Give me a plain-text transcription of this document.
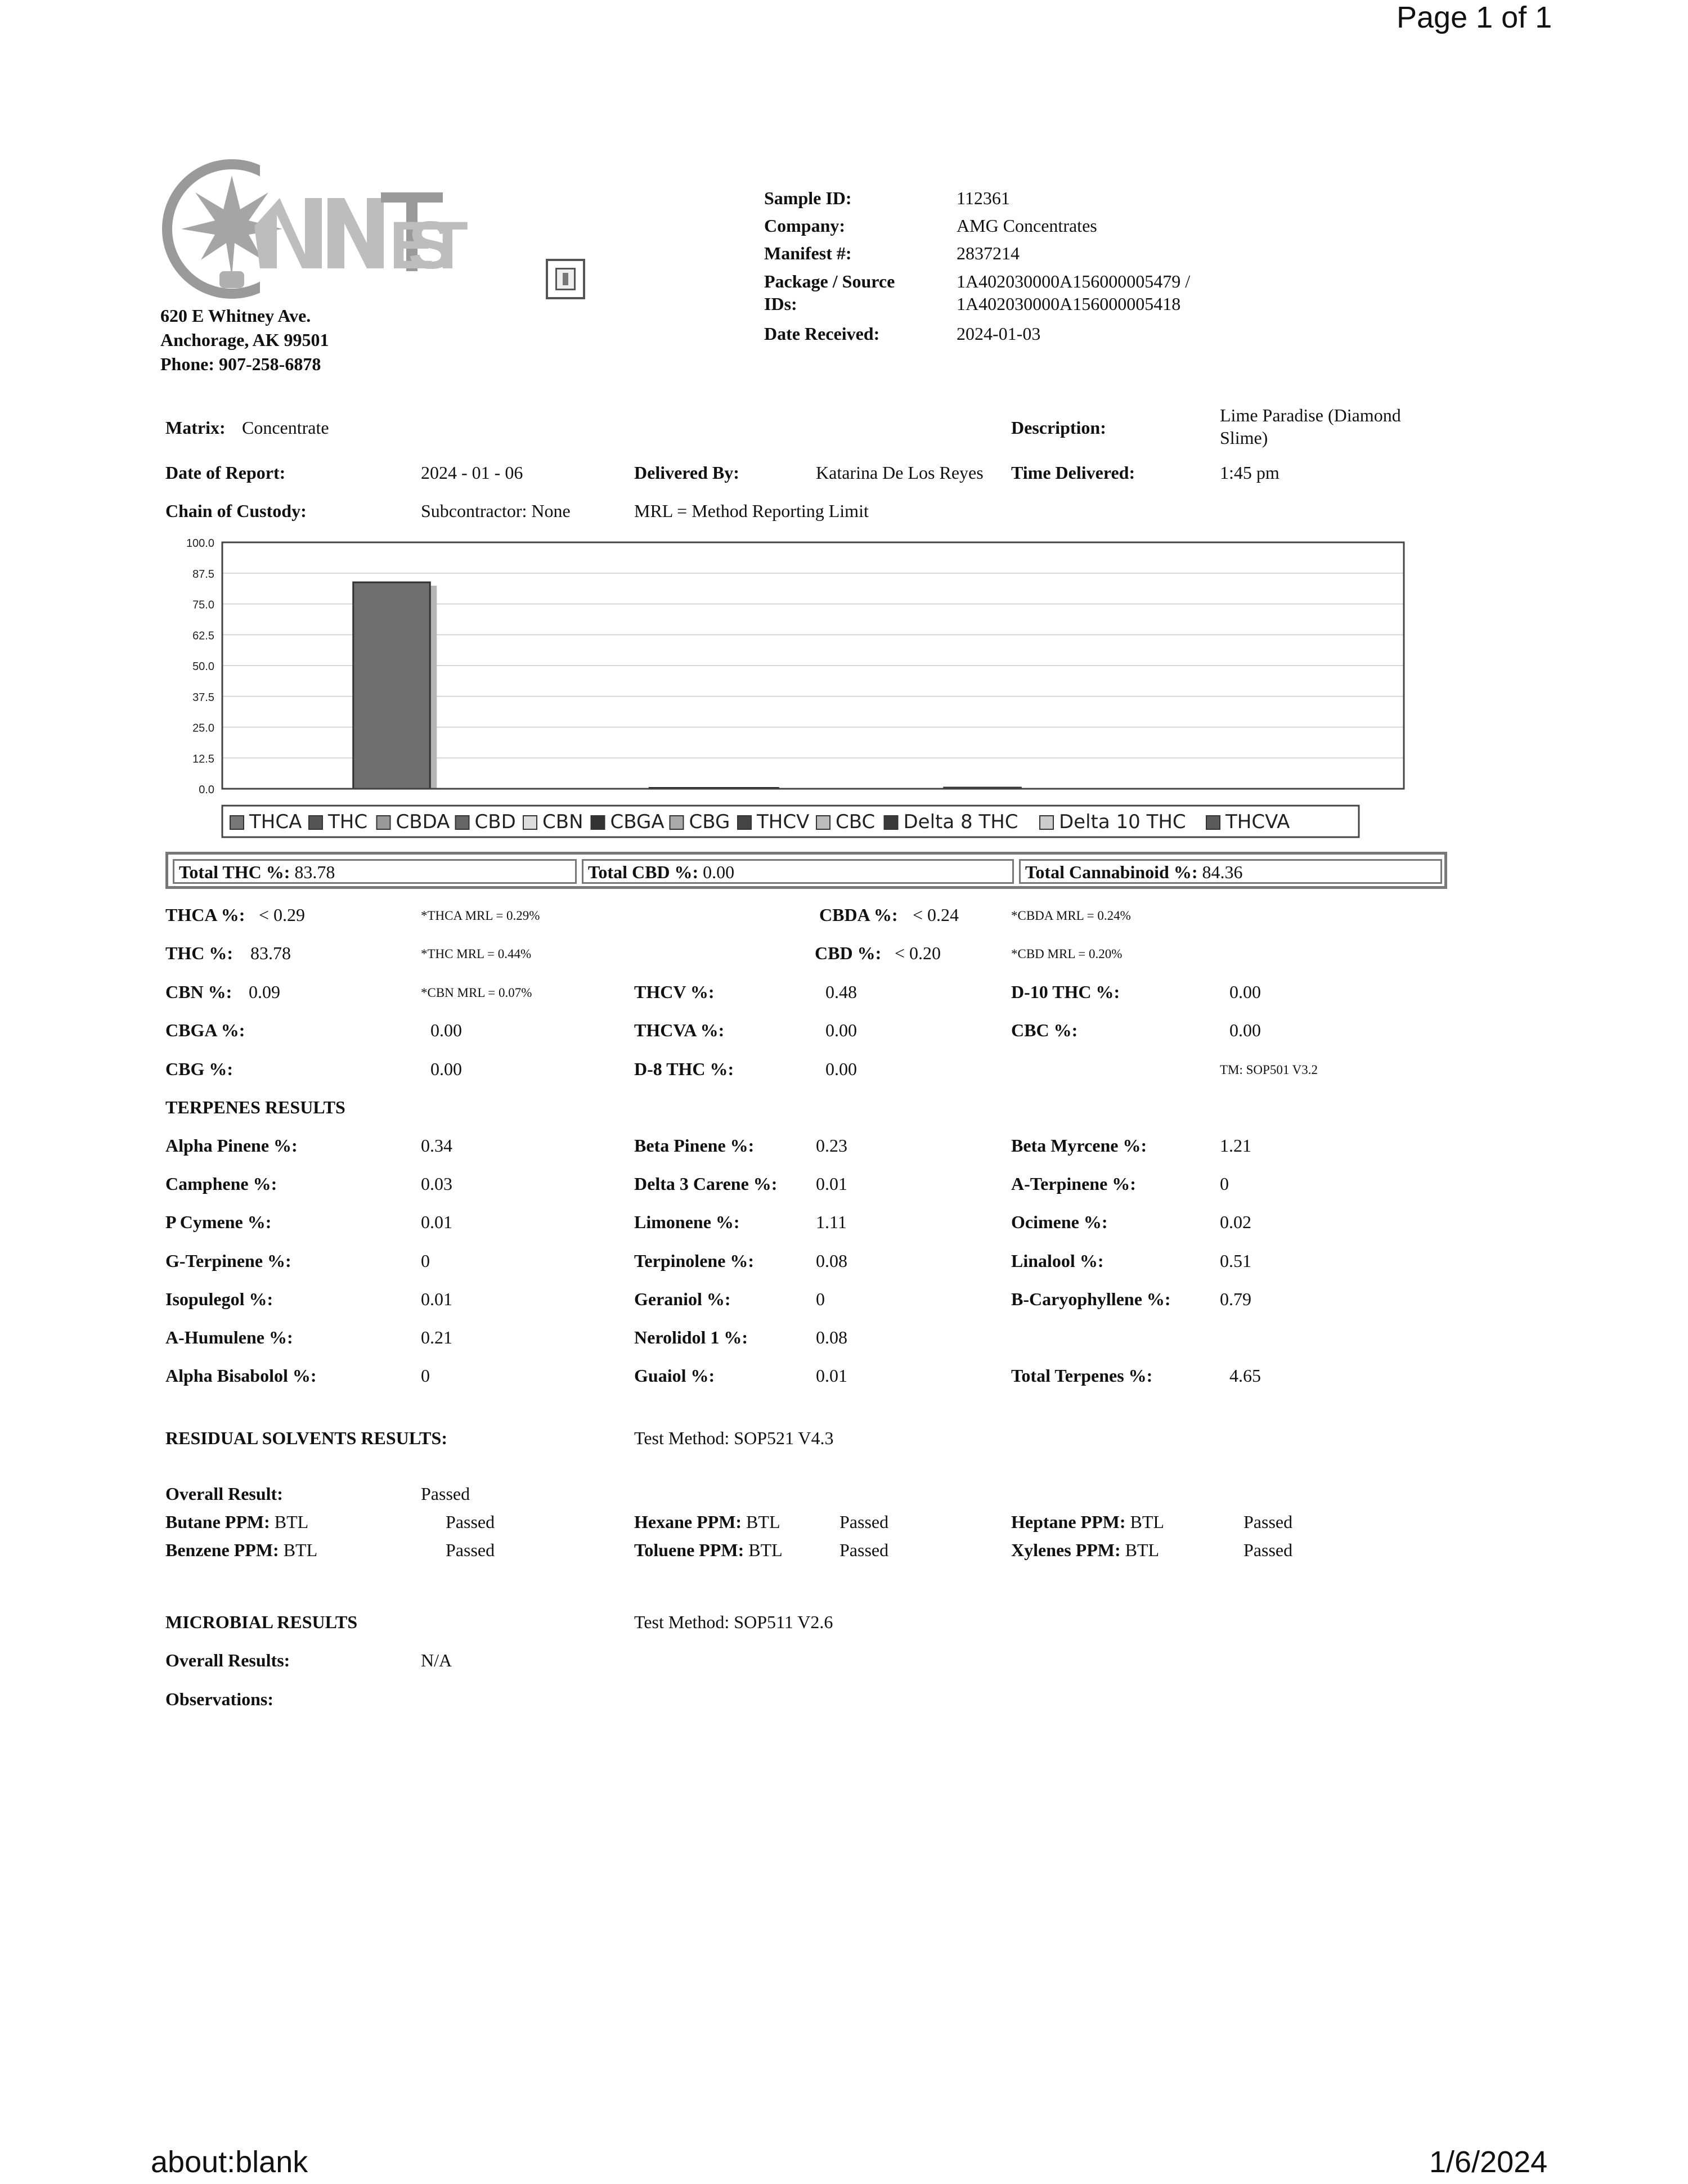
Page 1 of 1
about:blank	1/6/2024
EST
620 E Whitney Ave.
Anchorage, AK 99501
Phone: 907-258-6878
Sample ID:	112361
Company:	AMG Concentrates
Manifest #:	2837214
Package / Source
IDs:
1A402030000A156000005479 /
1A402030000A156000005418
Date Received:	2024-01-03
Matrix: Concentrate	Description:
Lime Paradise (Diamond
Slime)
Date of Report:	2024 - 01 - 06	Delivered By:	Katarina De Los Reyes Time Delivered:	1:45 pm
Chain of Custody:	Subcontractor: None	MRL = Method Reporting Limit
100.0
87.5
75.0
62.5
50.0
37.5
25.0
12.5
0.0
THCA THC CBDA CBD CBN CBGA CBG THCV CBC Delta 8 THC Delta 10 THC THCVA
Total THC %: 83.78	Total CBD %: 0.00	Total Cannabinoid %: 84.36
THCA %: < 0.29	*THCA MRL = 0.29%	CBDA %: < 0.24	*CBDA MRL = 0.24%
THC %: 83.78	*THC MRL = 0.44%	CBD %: < 0.20	*CBD MRL = 0.20%
CBN %: 0.09	*CBN MRL = 0.07%	THCV %:	0.48	D-10 THC %:	0.00
CBGA %:	0.00	THCVA %:	0.00	CBC %:	0.00
CBG %:	0.00	D-8 THC %:	0.00	TM: SOP501 V3.2
TERPENES RESULTS
Alpha Pinene %:	0.34	Beta Pinene %:	0.23	Beta Myrcene %:	1.21
Camphene %:	0.03	Delta 3 Carene %: 0.01	A-Terpinene %:	0
P Cymene %:	0.01	Limonene %:	1.11	Ocimene %:	0.02
G-Terpinene %:	0	Terpinolene %:	0.08	Linalool %:	0.51
Isopulegol %:	0.01	Geraniol %:	0	B-Caryophyllene %:	0.79
A-Humulene %:	0.21	Nerolidol 1 %:	0.08
Alpha Bisabolol %:	0	Guaiol %:	0.01	Total Terpenes %:	4.65
RESIDUAL SOLVENTS RESULTS:	Test Method: SOP521 V4.3
Overall Result:	Passed
Butane PPM: BTL	Passed	Hexane PPM: BTL	Passed	Heptane PPM: BTL	Passed
Benzene PPM: BTL	Passed	Toluene PPM: BTL	Passed	Xylenes PPM: BTL	Passed
MICROBIAL RESULTS	Test Method: SOP511 V2.6
Overall Results:	N/A
Observations:
